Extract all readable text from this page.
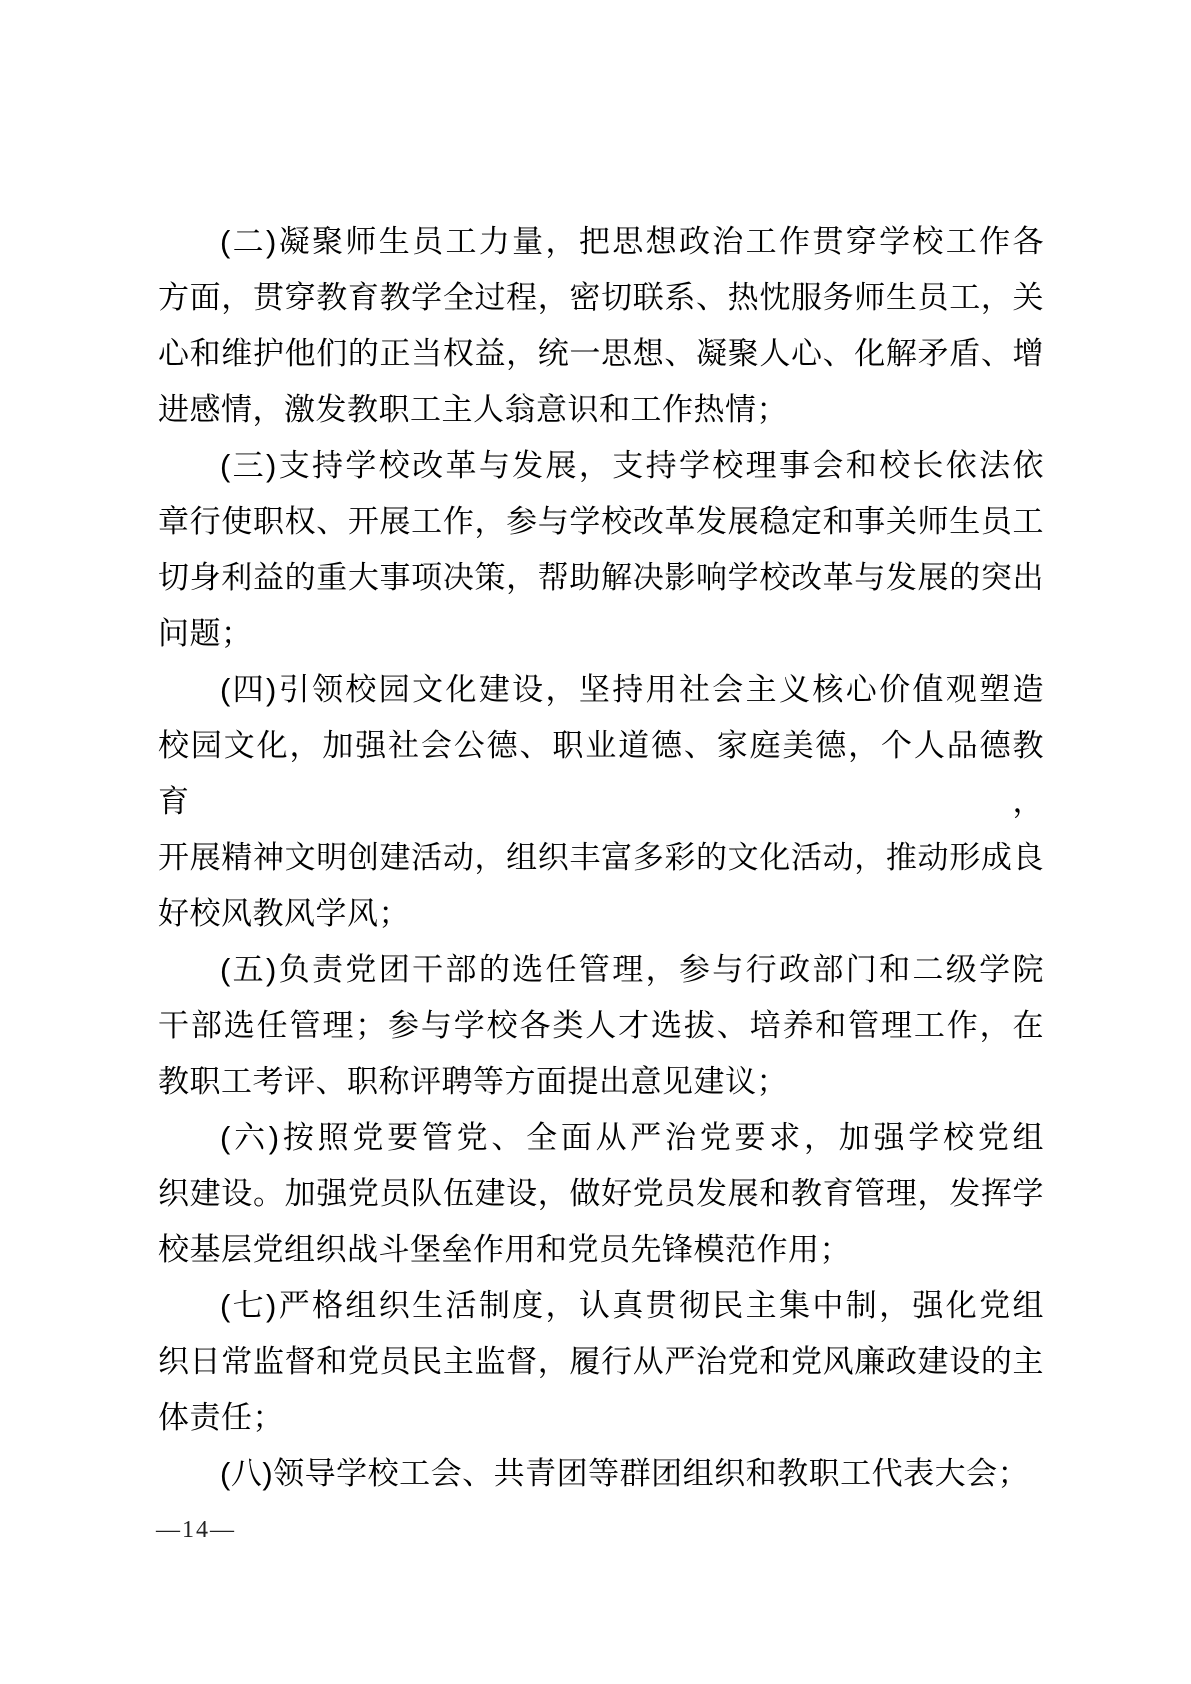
(二)凝聚师生员工力量，把思想政治工作贯穿学校工作各
方面，贯穿教育教学全过程，密切联系、热忱服务师生员工，关
心和维护他们的正当权益，统一思想、凝聚人心、化解矛盾、增
进感情，激发教职工主人翁意识和工作热情；
(三)支持学校改革与发展，支持学校理事会和校长依法依
章行使职权、开展工作，参与学校改革发展稳定和事关师生员工
切身利益的重大事项决策，帮助解决影响学校改革与发展的突出
问题；
(四)引领校园文化建设，坚持用社会主义核心价值观塑造
校园文化，加强社会公德、职业道德、家庭美德，个人品德教育，
开展精神文明创建活动，组织丰富多彩的文化活动，推动形成良
好校风教风学风；
(五)负责党团干部的选任管理，参与行政部门和二级学院
干部选任管理；参与学校各类人才选拔、培养和管理工作，在
教职工考评、职称评聘等方面提出意见建议；
(六)按照党要管党、全面从严治党要求，加强学校党组
织建设。加强党员队伍建设，做好党员发展和教育管理，发挥学
校基层党组织战斗堡垒作用和党员先锋模范作用；
(七)严格组织生活制度，认真贯彻民主集中制，强化党组
织日常监督和党员民主监督，履行从严治党和党风廉政建设的主
体责任；
(八)领导学校工会、共青团等群团组织和教职工代表大会；
—14—
